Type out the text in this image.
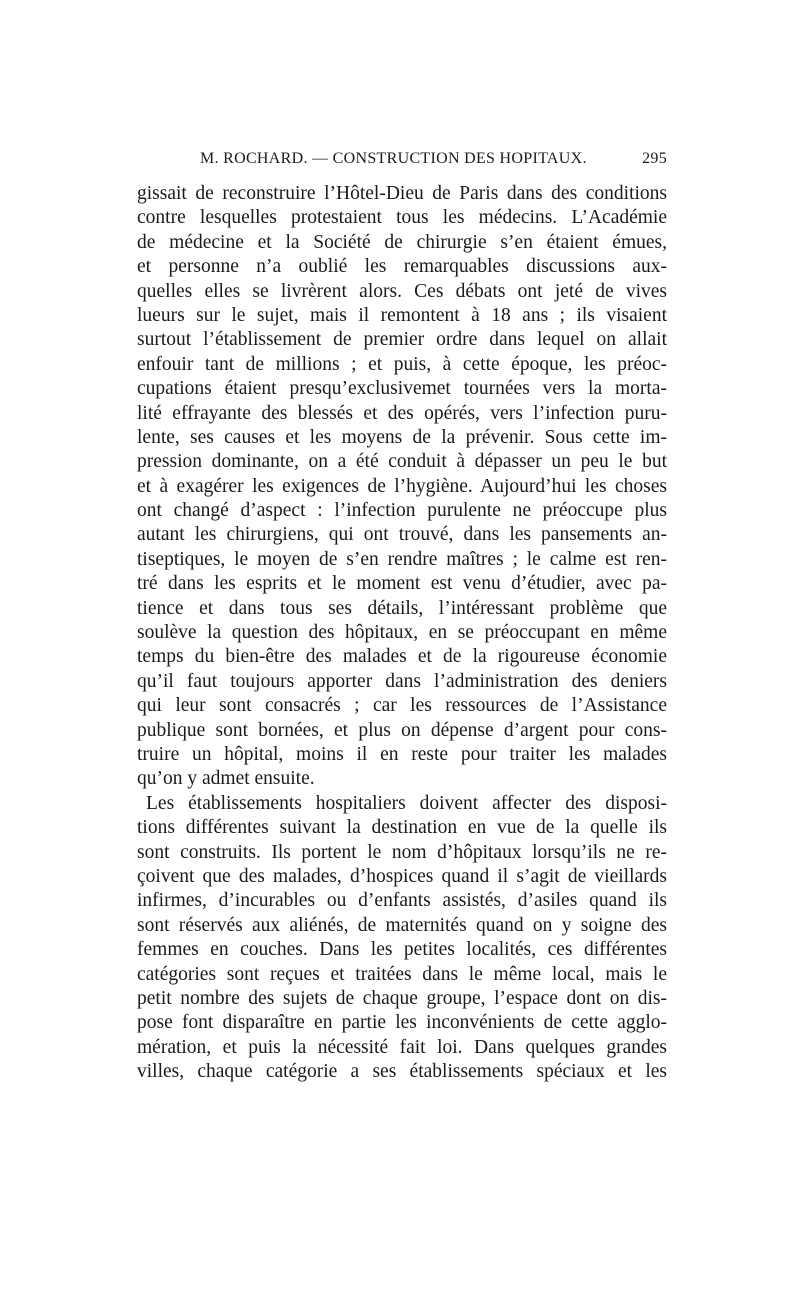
M. ROCHARD. — CONSTRUCTION DES HOPITAUX.	295
gissait de reconstruire l’Hôtel-Dieu de Paris dans des conditions
contre lesquelles protestaient tous les médecins. L’Académie
de médecine et la Société de chirurgie s’en étaient émues,
et personne n’a oublié les remarquables discussions aux-
quelles elles se livrèrent alors. Ces débats ont jeté de vives
lueurs sur le sujet, mais il remontent à 18 ans ; ils visaient
surtout l’établissement de premier ordre dans lequel on allait
enfouir tant de millions ; et puis, à cette époque, les préoc-
cupations étaient presqu’exclusivemet tournées vers la morta-
lité effrayante des blessés et des opérés, vers l’infection puru-
lente, ses causes et les moyens de la prévenir. Sous cette im-
pression dominante, on a été conduit à dépasser un peu le but
et à exagérer les exigences de l’hygiène. Aujourd’hui les choses
ont changé d’aspect : l’infection purulente ne préoccupe plus
autant les chirurgiens, qui ont trouvé, dans les pansements an-
tiseptiques, le moyen de s’en rendre maîtres ; le calme est ren-
tré dans les esprits et le moment est venu d’étudier, avec pa-
tience et dans tous ses détails, l’intéressant problème que
soulève la question des hôpitaux, en se préoccupant en même
temps du bien-être des malades et de la rigoureuse économie
qu’il faut toujours apporter dans l’administration des deniers
qui leur sont consacrés ; car les ressources de l’Assistance
publique sont bornées, et plus on dépense d’argent pour cons-
truire un hôpital, moins il en reste pour traiter les malades
qu’on y admet ensuite.
Les établissements hospitaliers doivent affecter des disposi-
tions différentes suivant la destination en vue de la quelle ils
sont construits. Ils portent le nom d’hôpitaux lorsqu’ils ne re-
çoivent que des malades, d’hospices quand il s’agit de vieillards
infirmes, d’incurables ou d’enfants assistés, d’asiles quand ils
sont réservés aux aliénés, de maternités quand on y soigne des
femmes en couches. Dans les petites localités, ces différentes
catégories sont reçues et traitées dans le même local, mais le
petit nombre des sujets de chaque groupe, l’espace dont on dis-
pose font disparaître en partie les inconvénients de cette agglo-
mération, et puis la nécessité fait loi. Dans quelques grandes
villes, chaque catégorie a ses établissements spéciaux et les
